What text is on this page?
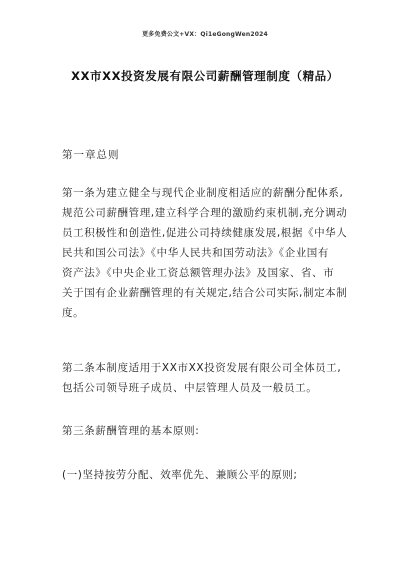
更多免费公文+VX：Qi1eGongWen2024
XX市XX投资发展有限公司薪酬管理制度（精品）
第一章总则
第一条为建立健全与现代企业制度相适应的薪酬分配体系,
规范公司薪酬管理,建立科学合理的激励约束机制,充分调动
员工积极性和创造性,促进公司持续健康发展,根据《中华人
民共和国公司法》《中华人民共和国劳动法》《企业国有
资产法》《中央企业工资总额管理办法》及国家、省、市
关于国有企业薪酬管理的有关规定,结合公司实际,制定本制
度。
第二条本制度适用于XX市XX投资发展有限公司全体员工,
包括公司领导班子成员、中层管理人员及一般员工。
第三条薪酬管理的基本原则:
(一)坚持按劳分配、效率优先、兼顾公平的原则;
